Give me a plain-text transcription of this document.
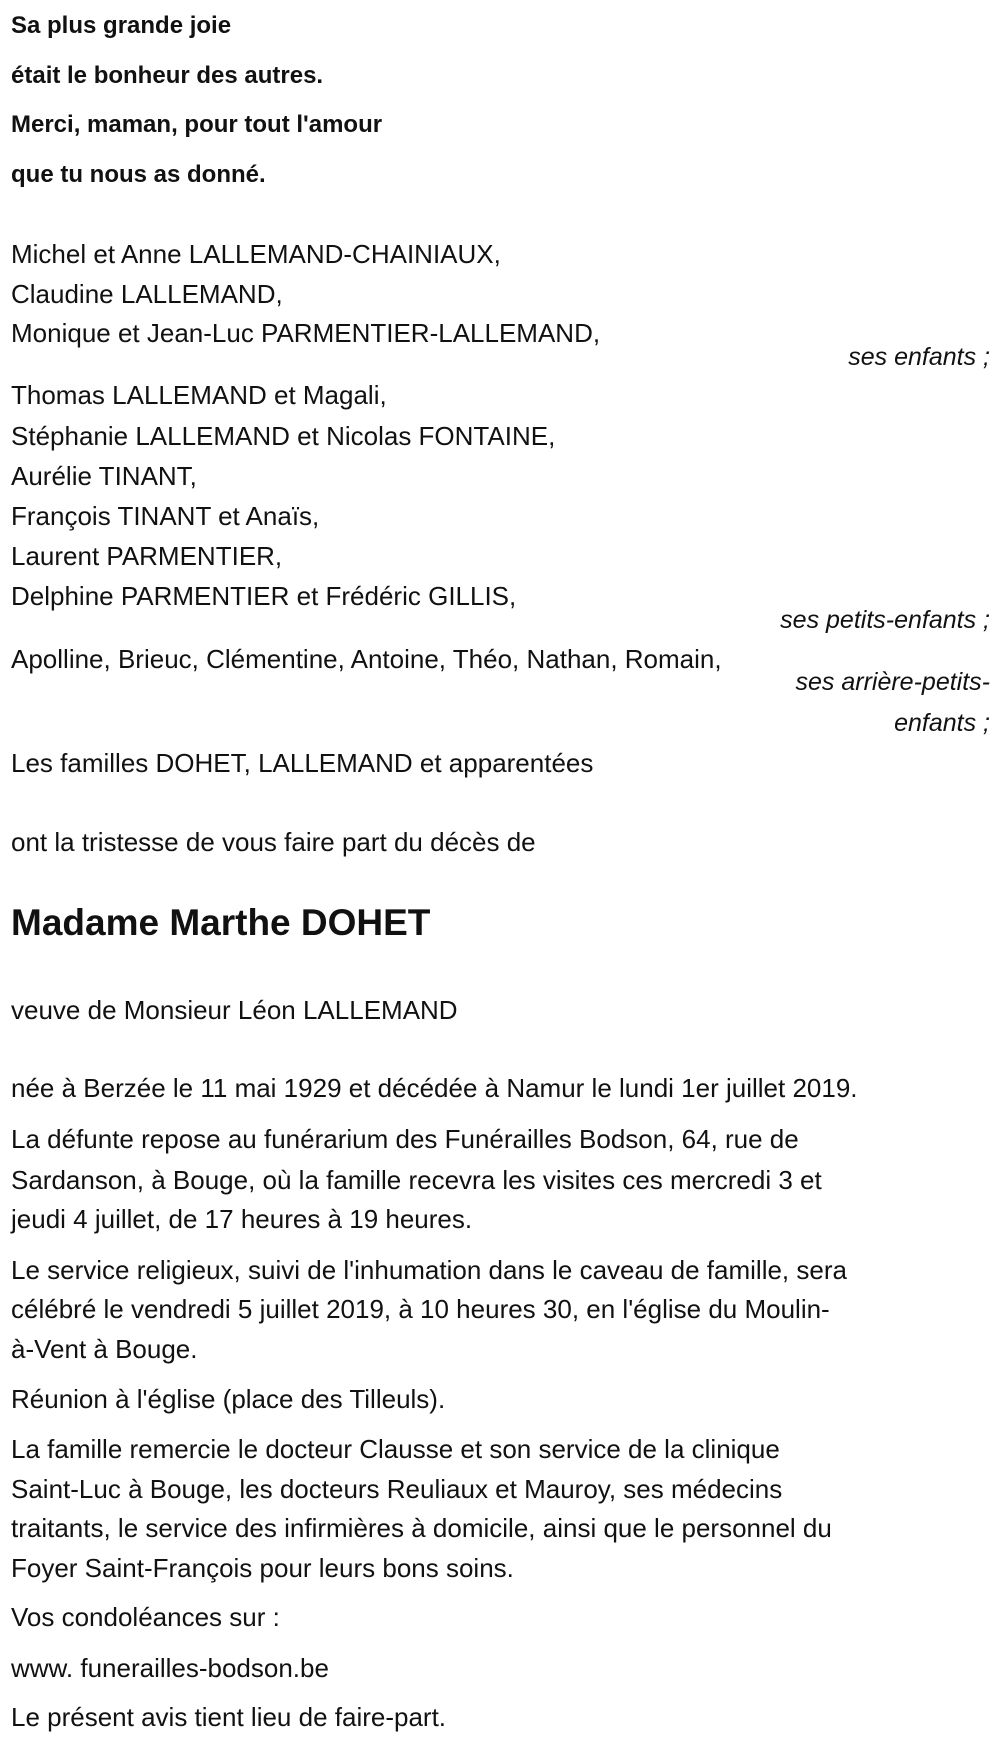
Sa plus grande joie
était le bonheur des autres.
Merci, maman, pour tout l'amour
que tu nous as donné.
Michel et Anne LALLEMAND-CHAINIAUX,
Claudine LALLEMAND,
Monique et Jean-Luc PARMENTIER-LALLEMAND,
ses enfants ;
Thomas LALLEMAND et Magali,
Stéphanie LALLEMAND et Nicolas FONTAINE,
Aurélie TINANT,
François TINANT et Anaïs,
Laurent PARMENTIER,
Delphine PARMENTIER et Frédéric GILLIS,
ses petits-enfants ;
Apolline, Brieuc, Clémentine, Antoine, Théo, Nathan, Romain,
ses arrière-petits-
enfants ;
Les familles DOHET, LALLEMAND et apparentées
ont la tristesse de vous faire part du décès de
Madame Marthe DOHET
veuve de Monsieur Léon LALLEMAND
née à Berzée le 11 mai 1929 et décédée à Namur le lundi 1er juillet 2019.
La défunte repose au funérarium des Funérailles Bodson, 64, rue de
Sardanson, à Bouge, où la famille recevra les visites ces mercredi 3 et
jeudi 4 juillet, de 17 heures à 19 heures.
Le service religieux, suivi de l'inhumation dans le caveau de famille, sera
célébré le vendredi 5 juillet 2019, à 10 heures 30, en l'église du Moulin-
à-Vent à Bouge.
Réunion à l'église (place des Tilleuls).
La famille remercie le docteur Clausse et son service de la clinique
Saint-Luc à Bouge, les docteurs Reuliaux et Mauroy, ses médecins
traitants, le service des infirmières à domicile, ainsi que le personnel du
Foyer Saint-François pour leurs bons soins.
Vos condoléances sur :
www. funerailles-bodson.be
Le présent avis tient lieu de faire-part.
